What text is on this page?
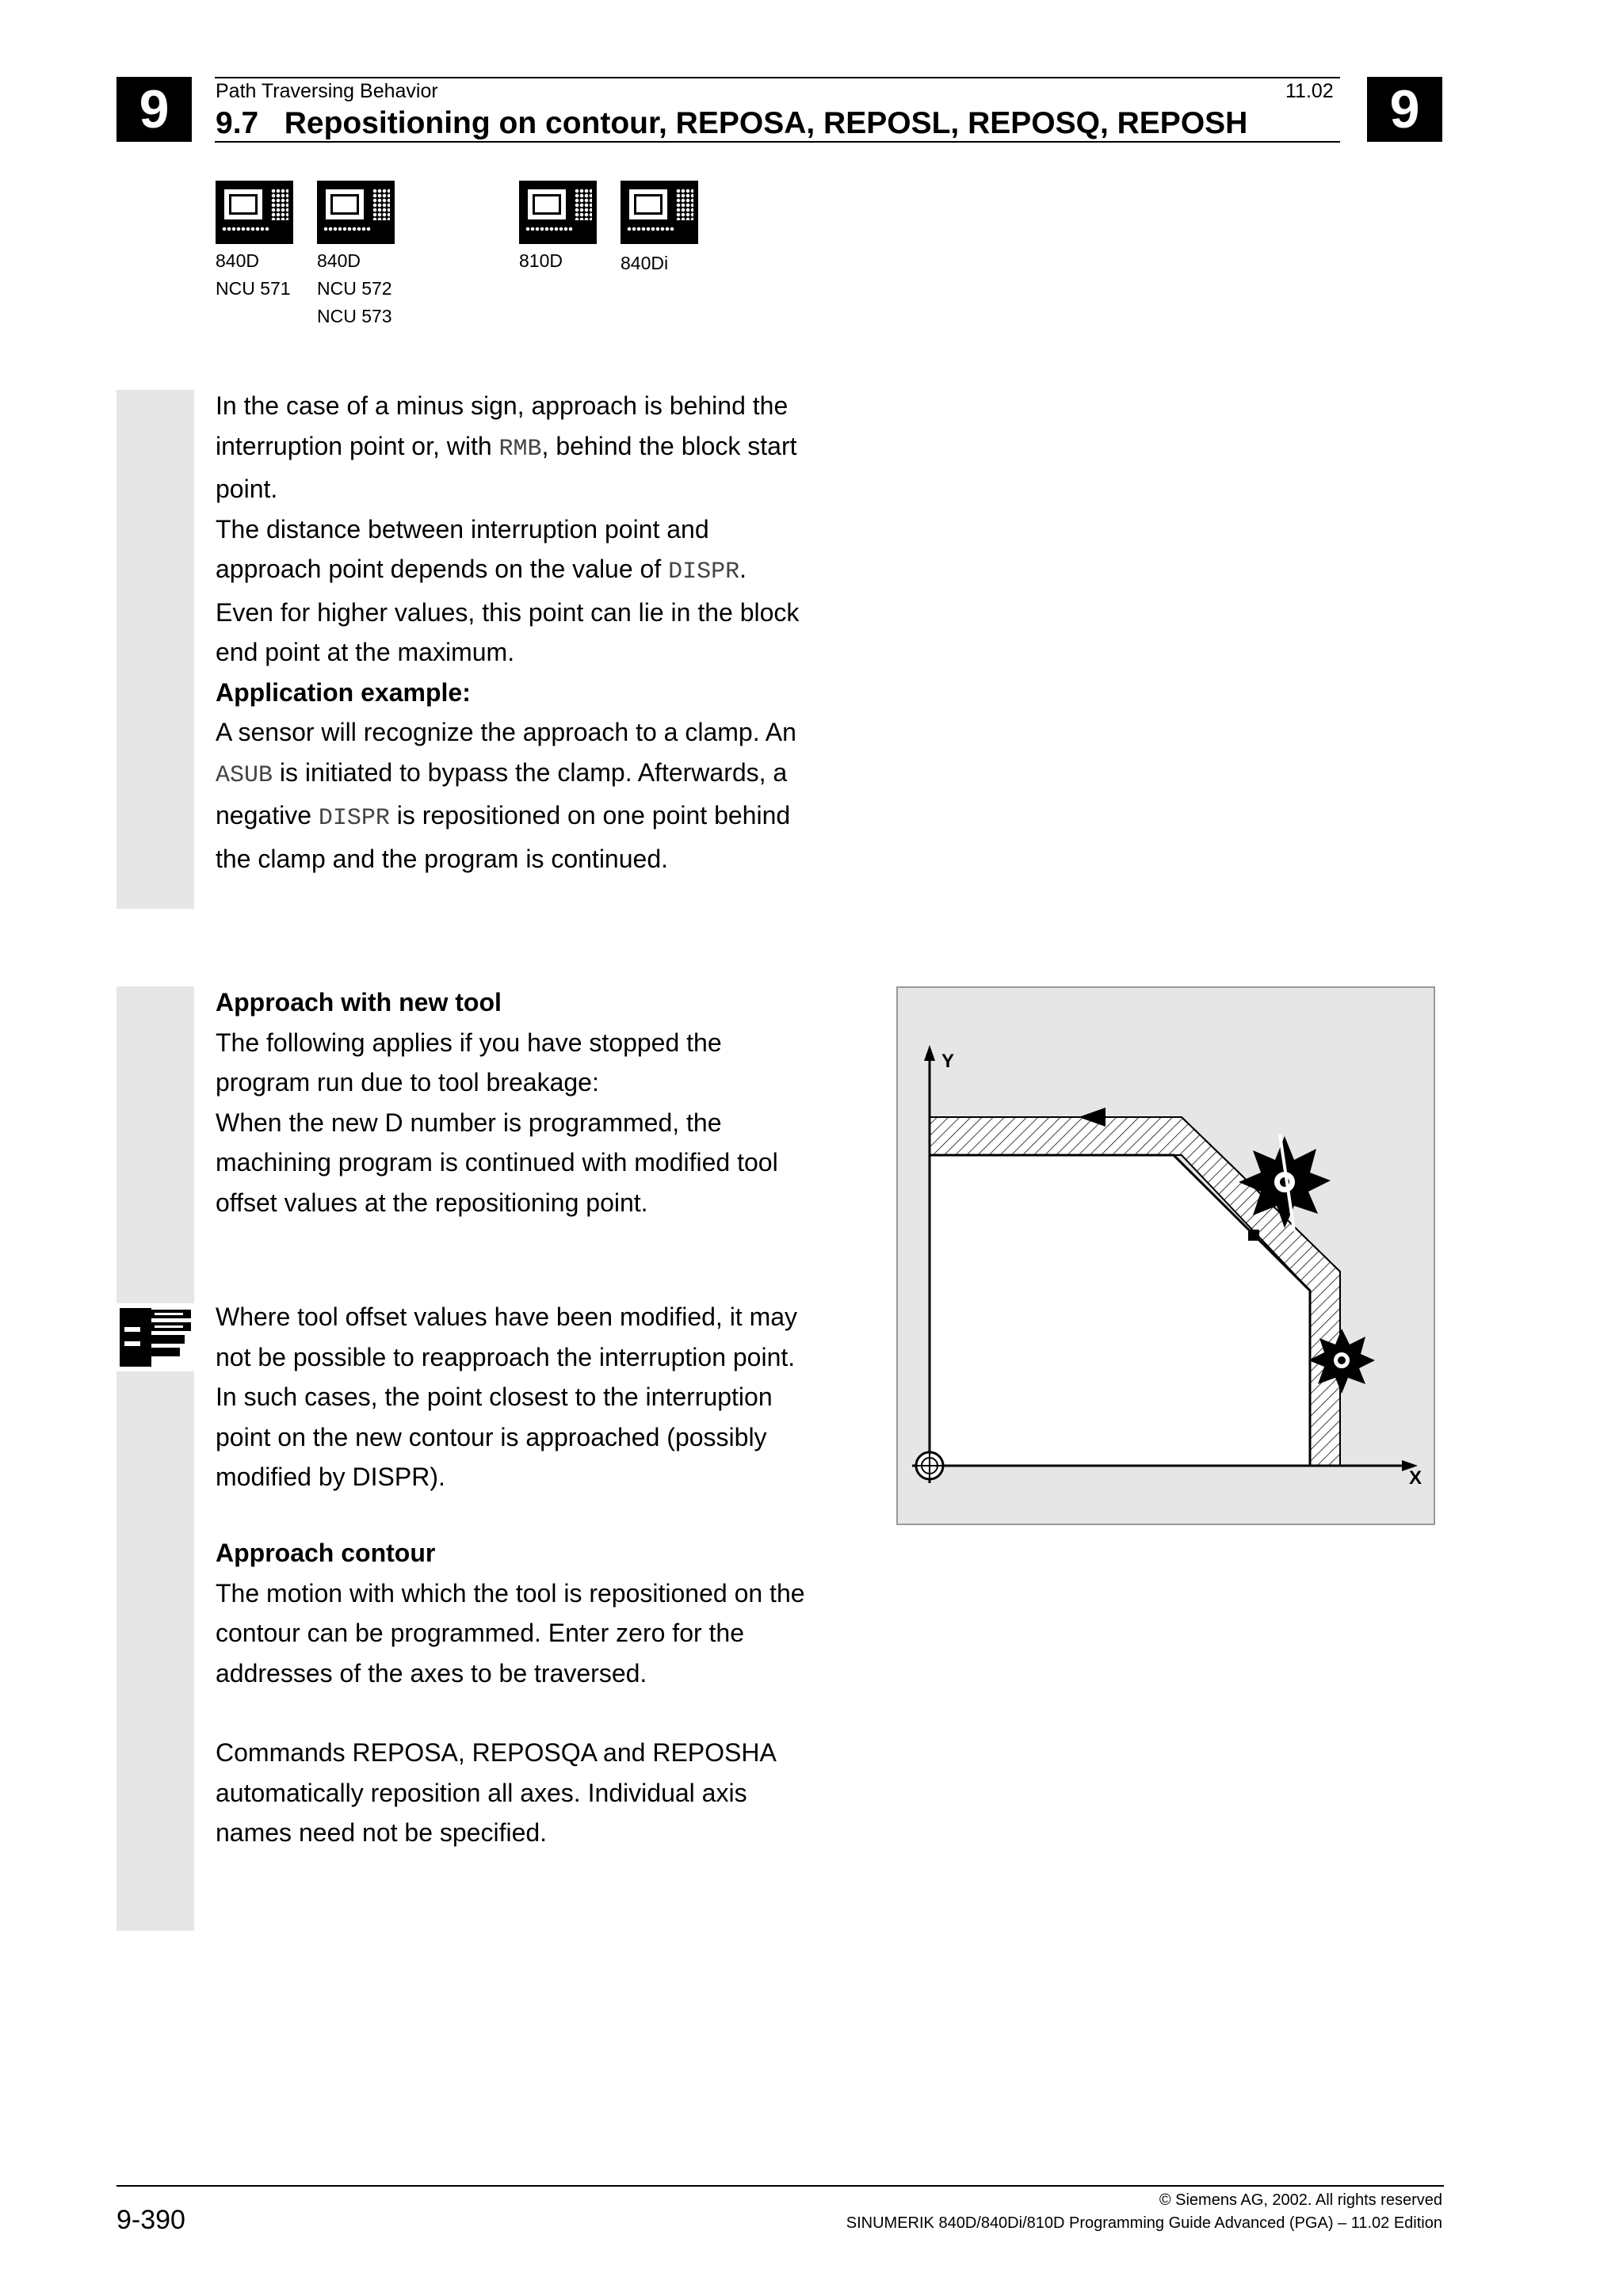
9	9
Path Traversing Behavior	11.02
9.7   Repositioning on contour, REPOSA, REPOSL, REPOSQ, REPOSH
840D
NCU 571
840D
NCU 572
NCU 573
810D	840Di

In the case of a minus sign, approach is behind the

interruption point or, with RMB, behind the block start

point.

The distance between interruption point and

approach point depends on the value of DISPR.

Even for higher values, this point can lie in the block

end point at the maximum.

Application example:

A sensor will recognize the approach to a clamp. An

ASUB is initiated to bypass the clamp. Afterwards, a

negative DISPR is repositioned on one point behind

the clamp and the program is continued.

Approach with new tool

The following applies if you have stopped the

program run due to tool breakage:

When the new D number is programmed, the

machining program is continued with modified tool

offset values at the repositioning point.

Where tool offset values have been modified, it may

not be possible to reapproach the interruption point.

In such cases, the point closest to the interruption

point on the new contour is approached (possibly

modified by DISPR).

Approach contour

The motion with which the tool is repositioned on the

contour can be programmed. Enter zero for the

addresses of the axes to be traversed.

Commands REPOSA, REPOSQA and REPOSHA

automatically reposition all axes. Individual axis

names need not be specified.

Y
X
9-390
© Siemens AG, 2002. All rights reserved
SINUMERIK 840D/840Di/810D Programming Guide Advanced (PGA) – 11.02 Edition
